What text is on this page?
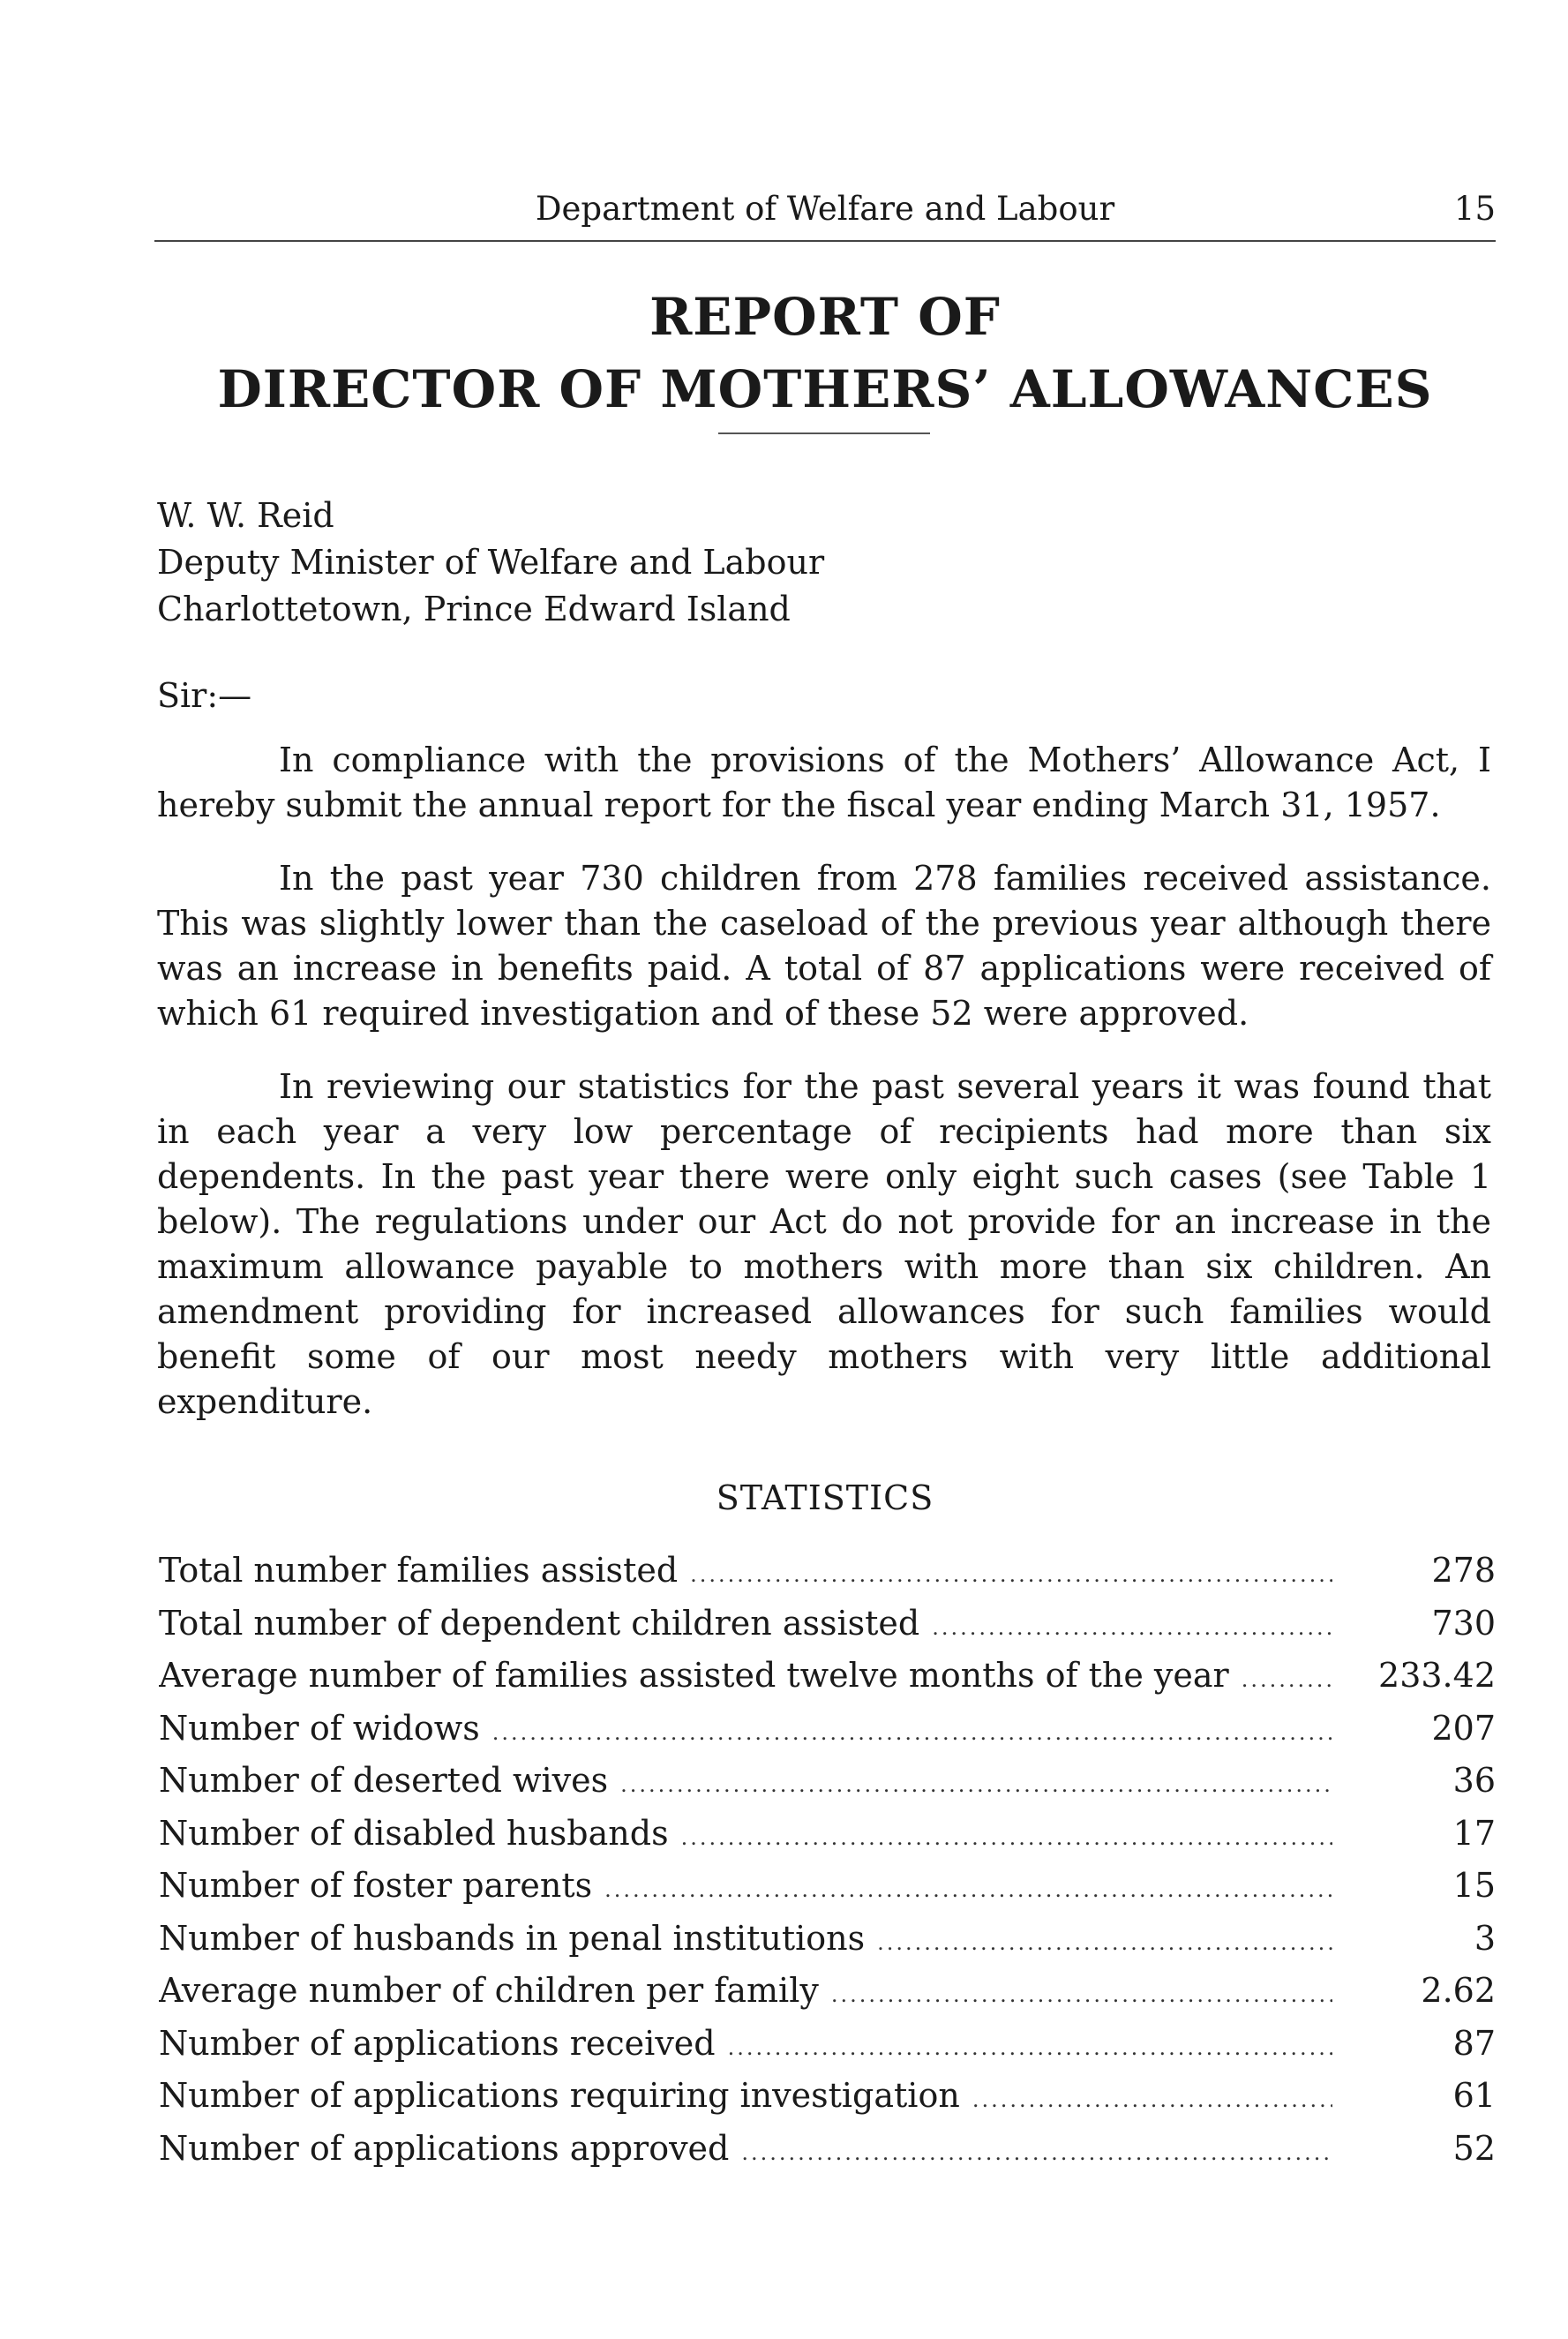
Department of Welfare and Labour	15
REPORT OF
DIRECTOR OF MOTHERS’ ALLOWANCES
W. W. Reid
Deputy Minister of Welfare and Labour
Charlottetown, Prince Edward Island
Sir:—

In compliance with the provisions of the Mothers’ Allowance Act, I hereby submit the annual report for the fiscal year ending March 31, 1957.

In the past year 730 children from 278 families received assistance. This was slightly lower than the caseload of the previous year although there was an increase in benefits paid. A total of 87 applications were received of which 61 required investigation and of these 52 were approved.

In reviewing our statistics for the past several years it was found that in each year a very low percentage of recipients had more than six dependents. In the past year there were only eight such cases (see Table 1 below). The regulations under our Act do not provide for an increase in the maximum allowance payable to mothers with more than six children. An amendment providing for increased allowances for such families would benefit some of our most needy mothers with very little additional expenditure.

STATISTICS
Total number families assisted .....	278
Total number of dependent children assisted .....	730
Average number of families assisted twelve months of the year .....	233.42
Number of widows .....	207
Number of deserted wives .....	36
Number of disabled husbands .....	17
Number of foster parents .....	15
Number of husbands in penal institutions .....	3
Average number of children per family .....	2.62
Number of applications received .....	87
Number of applications requiring investigation .....	61
Number of applications approved .....	52
